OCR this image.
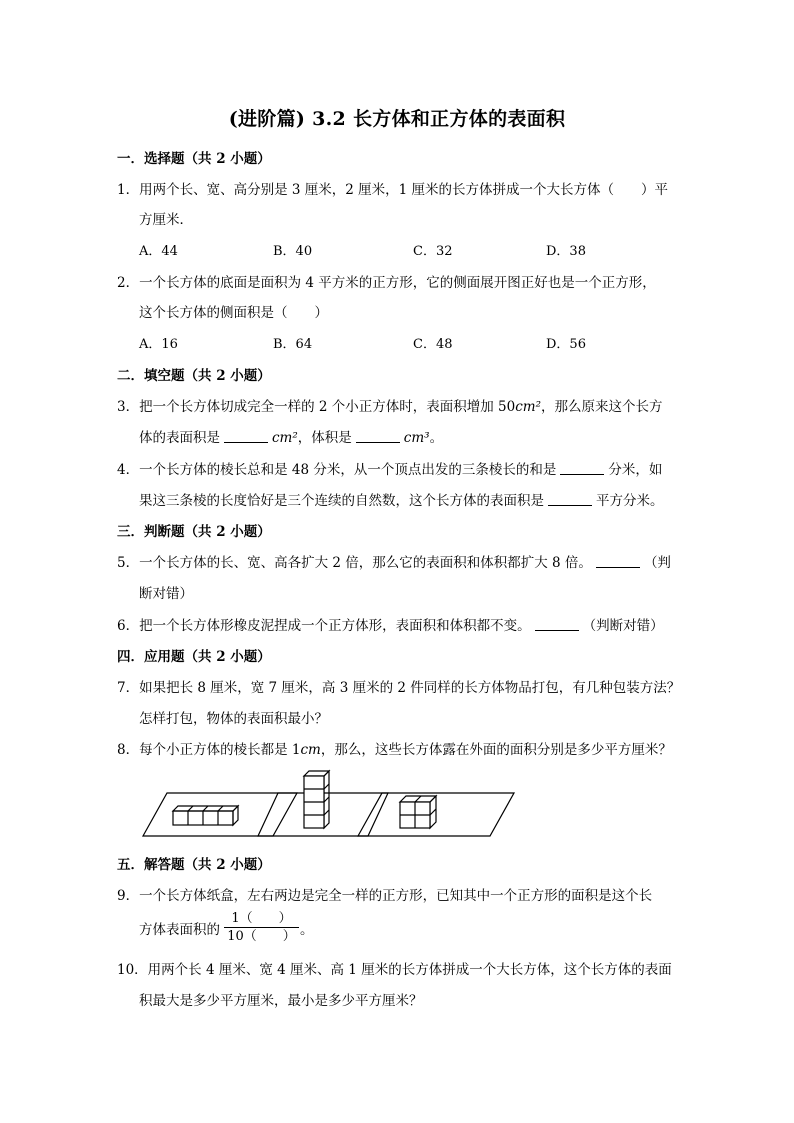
(进阶篇) 3.2 长方体和正方体的表面积
一．选择题（共 2 小题）
1．用两个长、宽、高分别是 3 厘米，2 厘米，1 厘米的长方体拼成一个大长方体（　　）平
方厘米．
A．44	B．40	C．32	D．38
2．一个长方体的底面是面积为 4 平方米的正方形，它的侧面展开图正好也是一个正方形，
这个长方体的侧面积是（　　）
A．16	B．64	C．48	D．56
二．填空题（共 2 小题）
3．把一个长方体切成完全一样的 2 个小正方体时，表面积增加 50cm²，那么原来这个长方
体的表面积是	cm²，体积是	cm³。
4．一个长方体的棱长总和是 48 分米，从一个顶点出发的三条棱长的和是	分米，如
果这三条棱的长度恰好是三个连续的自然数，这个长方体的表面积是	平方分米。
三．判断题（共 2 小题）
5．一个长方体的长、宽、高各扩大 2 倍，那么它的表面积和体积都扩大 8 倍。	（判
断对错）
6．把一个长方体形橡皮泥捏成一个正方体形，表面积和体积都不变。	（判断对错）
四．应用题（共 2 小题）
7．如果把长 8 厘米，宽 7 厘米，高 3 厘米的 2 件同样的长方体物品打包，有几种包装方法？
怎样打包，物体的表面积最小？
8．每个小正方体的棱长都是 1cm，那么，这些长方体露在外面的面积分别是多少平方厘米？
五．解答题（共 2 小题）
9．一个长方体纸盒，左右两边是完全一样的正方形，已知其中一个正方形的面积是这个长
方体表面积的
1（　　）
10（　　） 。
10．用两个长 4 厘米、宽 4 厘米、高 1 厘米的长方体拼成一个大长方体，这个长方体的表面
积最大是多少平方厘米，最小是多少平方厘米？
